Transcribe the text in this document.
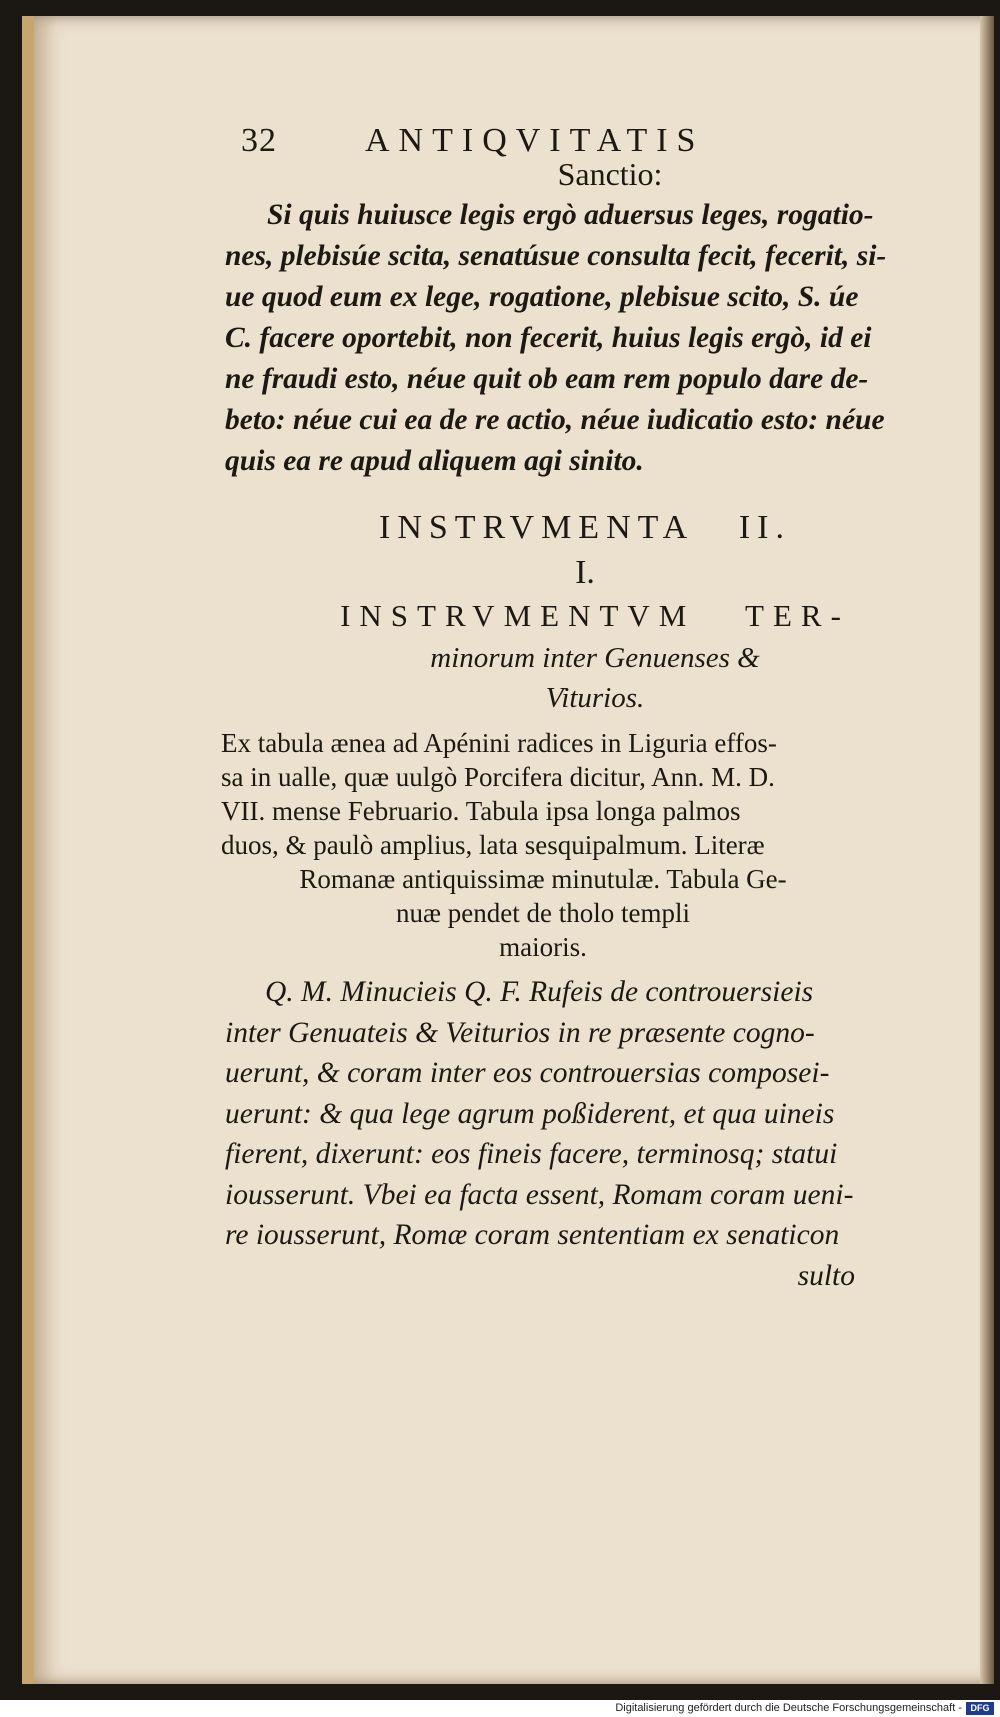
32	ANTIQVITATIS
Sanctio:
Si quis huiusce legis ergò aduersus leges, rogatio-
nes, plebisúe scita, senatúsue consulta fecit, fecerit, si-
ue quod eum ex lege, rogatione, plebisue scito, S. úe
C. facere oportebit, non fecerit, huius legis ergò, id ei
ne fraudi esto, néue quit ob eam rem populo dare de-
beto: néue cui ea de re actio, néue iudicatio esto: néue
quis ea re apud aliquem agi sinito.
INSTRVMENTA   II.
I.
INSTRVMENTVM   TER-
minorum inter Genuenses &
Viturios.
Ex tabula ænea ad Apénini radices in Liguria effos-
sa in ualle, quæ uulgò Porcifera dicitur, Ann. M. D.
VII. mense Februario. Tabula ipsa longa palmos
duos, & paulò amplius, lata sesquipalmum. Literæ
Romanæ antiquissimæ minutulæ. Tabula Ge-
nuæ pendet de tholo templi
maioris.
Q. M. Minucieis Q. F. Rufeis de controuersieis
inter Genuateis & Veiturios in re præsente cogno-
uerunt, & coram inter eos controuersias composei-
uerunt: & qua lege agrum poßiderent, et qua uineis
fierent, dixerunt: eos fineis facere, terminosq; statui
iousserunt. Vbei ea facta essent, Romam coram ueni-
re iousserunt, Romæ coram sententiam ex senaticon
sulto
Digitalisierung gefördert durch die Deutsche Forschungsgemeinschaft - DFG
